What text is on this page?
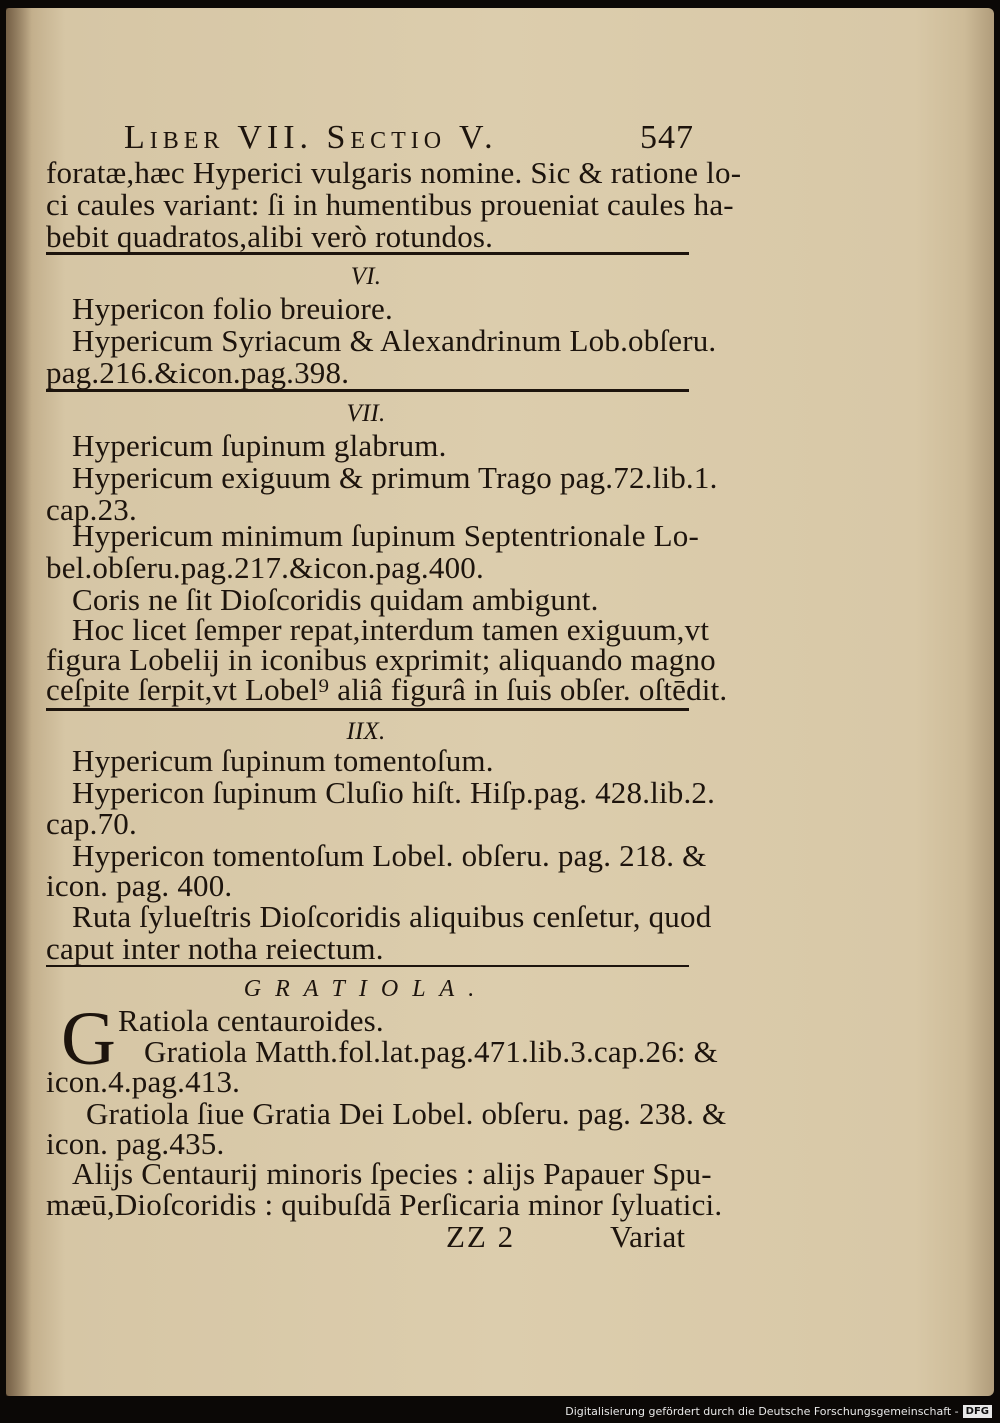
Liber VII. Sectio V.	547

foratæ,hæc Hyperici vulgaris nomine. Sic & ratione lo-

ci caules variant: ſi in humentibus proueniat caules ha-

bebit quadratos,alibi verò rotundos.

VI.

Hypericon folio breuiore.

Hypericum Syriacum & Alexandrinum Lob.obſeru.

pag.216.&icon.pag.398.

VII.

Hypericum ſupinum glabrum.

Hypericum exiguum & primum Trago pag.72.lib.1.

cap.23.

Hypericum minimum ſupinum Septentrionale Lo-

bel.obſeru.pag.217.&icon.pag.400.

Coris ne ſit Dioſcoridis quidam ambigunt.

Hoc licet ſemper repat,interdum tamen exiguum,vt

figura Lobelij in iconibus exprimit; aliquando magno

ceſpite ſerpit,vt Lobel⁹ aliâ figurâ in ſuis obſer. oſtēdit.

IIX.

Hypericum ſupinum tomentoſum.

Hypericon ſupinum Cluſio hiſt. Hiſp.pag. 428.lib.2.

cap.70.

Hypericon tomentoſum Lobel. obſeru. pag. 218. &

icon. pag. 400.

Ruta ſylueſtris Dioſcoridis aliquibus cenſetur, quod

caput inter notha reiectum.

GRATIOLA.

G Ratiola centauroides.

Gratiola Matth.fol.lat.pag.471.lib.3.cap.26: &

icon.4.pag.413.

Gratiola ſiue Gratia Dei Lobel. obſeru. pag. 238. &

icon. pag.435.

Alijs Centaurij minoris ſpecies : alijs Papauer Spu-

mæū,Dioſcoridis : quibuſdā Perſicaria minor ſyluatici.

ZZ 2	Variat

Digitalisierung gefördert durch die Deutsche Forschungsgemeinschaft - DFG
